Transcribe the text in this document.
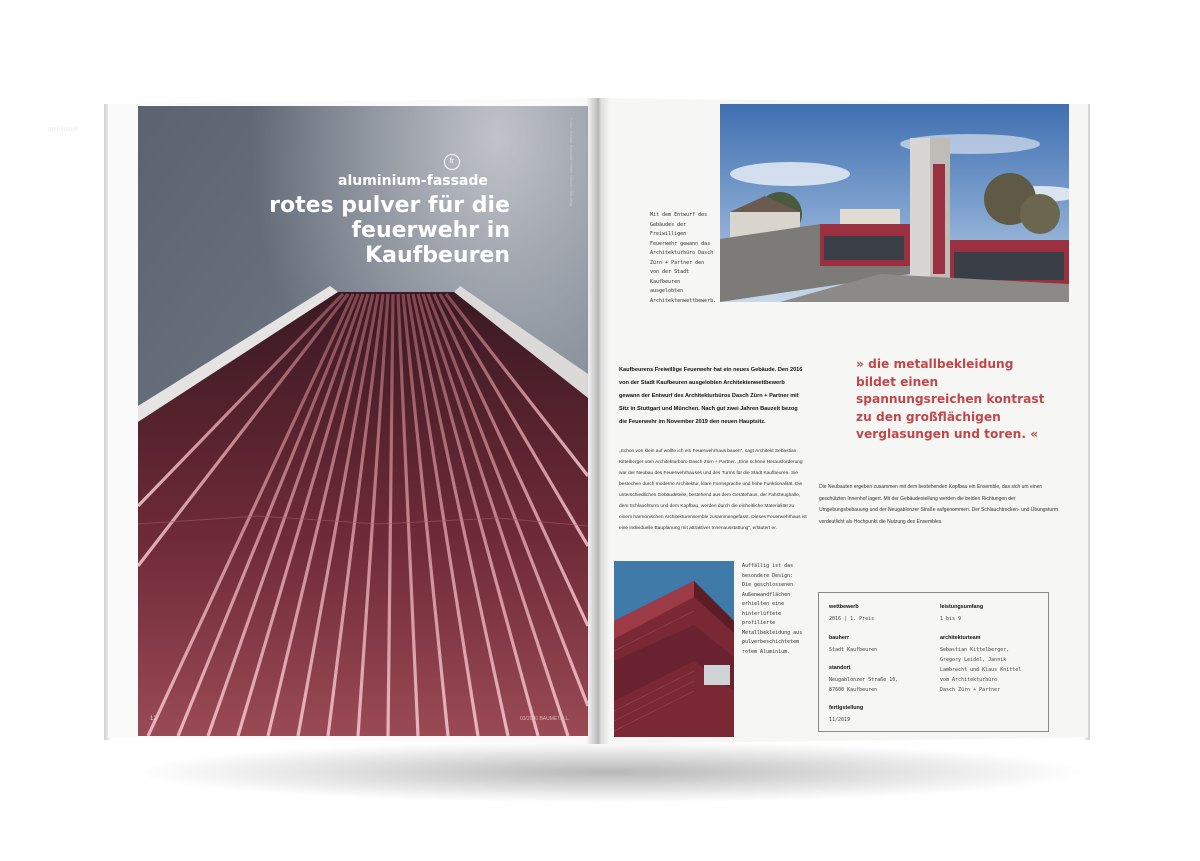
architektur
fr
aluminium-fassade
rotes pulver für die
feuerwehr in Kaufbeuren
Fotos: Gunnar Klaschke / Peter Dörsch / Blindflug
12	03/2020 BAUMETALL
Mit dem Entwurf des Gebäudes der Freiwilligen Feuerwehr gewann das Architekturbüro Dasch Zürn + Partner den von der Stadt Kaufbeuren ausgelobten Architektenwettbewerb.
Kaufbeurens Freiwillige Feuerwehr hat ein neues Gebäude. Den 2016 von der Stadt Kaufbeuren ausgelobten Architektenwettbewerb gewann der Entwurf des Architekturbüros Dasch Zürn + Partner mit Sitz in Stuttgart und München. Nach gut zwei Jahren Bauzeit bezog die Feuerwehr im November 2019 den neuen Hauptsitz.
„Schon von klein auf wollte ich ein Feuerwehrhaus bauen“, sagt Architekt Sebastian Kittelberger vom Architekturbüro Dasch Zürn + Partner. „Eine schöne Herausforderung war der Neubau des Feuerwehrhauses und des Turms für die Stadt Kaufbeuren. Sie bestechen durch moderne Architektur, klare Formsprache und hohe Funktionalität. Die unterschiedlichen Gebäudeteile, bestehend aus dem Gerätehaus, der Fahrzeughalle, dem Schlauchturm und dem Kopfbau, werden durch die einheitliche Materialität zu einem harmonischen Architekturensemble zusammengefasst. Dieses Feuerwehrhaus ist eine individuelle Bauplanung mit attraktiver Innenausstattung“, erläutert er.
» die metallbekleidung bildet einen spannungsreichen kontrast zu den großflächigen verglasungen und toren. «
Die Neubauten ergeben zusammen mit dem bestehenden Kopfbau ein Ensemble, das sich um einen geschützten Innenhof lagert. Mit der Gebäudestellung werden die beiden Richtungen der Umgebungsbebauung und der Neugablonzer Straße aufgenommen. Der Schlauchtrocken- und Übungsturm verdeutlicht als Hochpunkt die Nutzung des Ensembles.
Auffällig ist das besondere Design: Die geschlossenen Außenwandflächen erhielten eine hinterlüftete profilierte Metallbekleidung aus pulverbeschichtetem rotem Aluminium.
wettbewerb
2016 | 1. Preis
bauherr
Stadt Kaufbeuren
standort
Neugablonzer Straße 10,
87600 Kaufbeuren
fertigstellung
11/2019
leistungsumfang
1 bis 9
architekturteam
Sebastian Kittelberger,
Gregory Leidel, Jannik
Lambrecht und Klaus Knittel
vom Architekturbüro
Dasch Zürn + Partner
